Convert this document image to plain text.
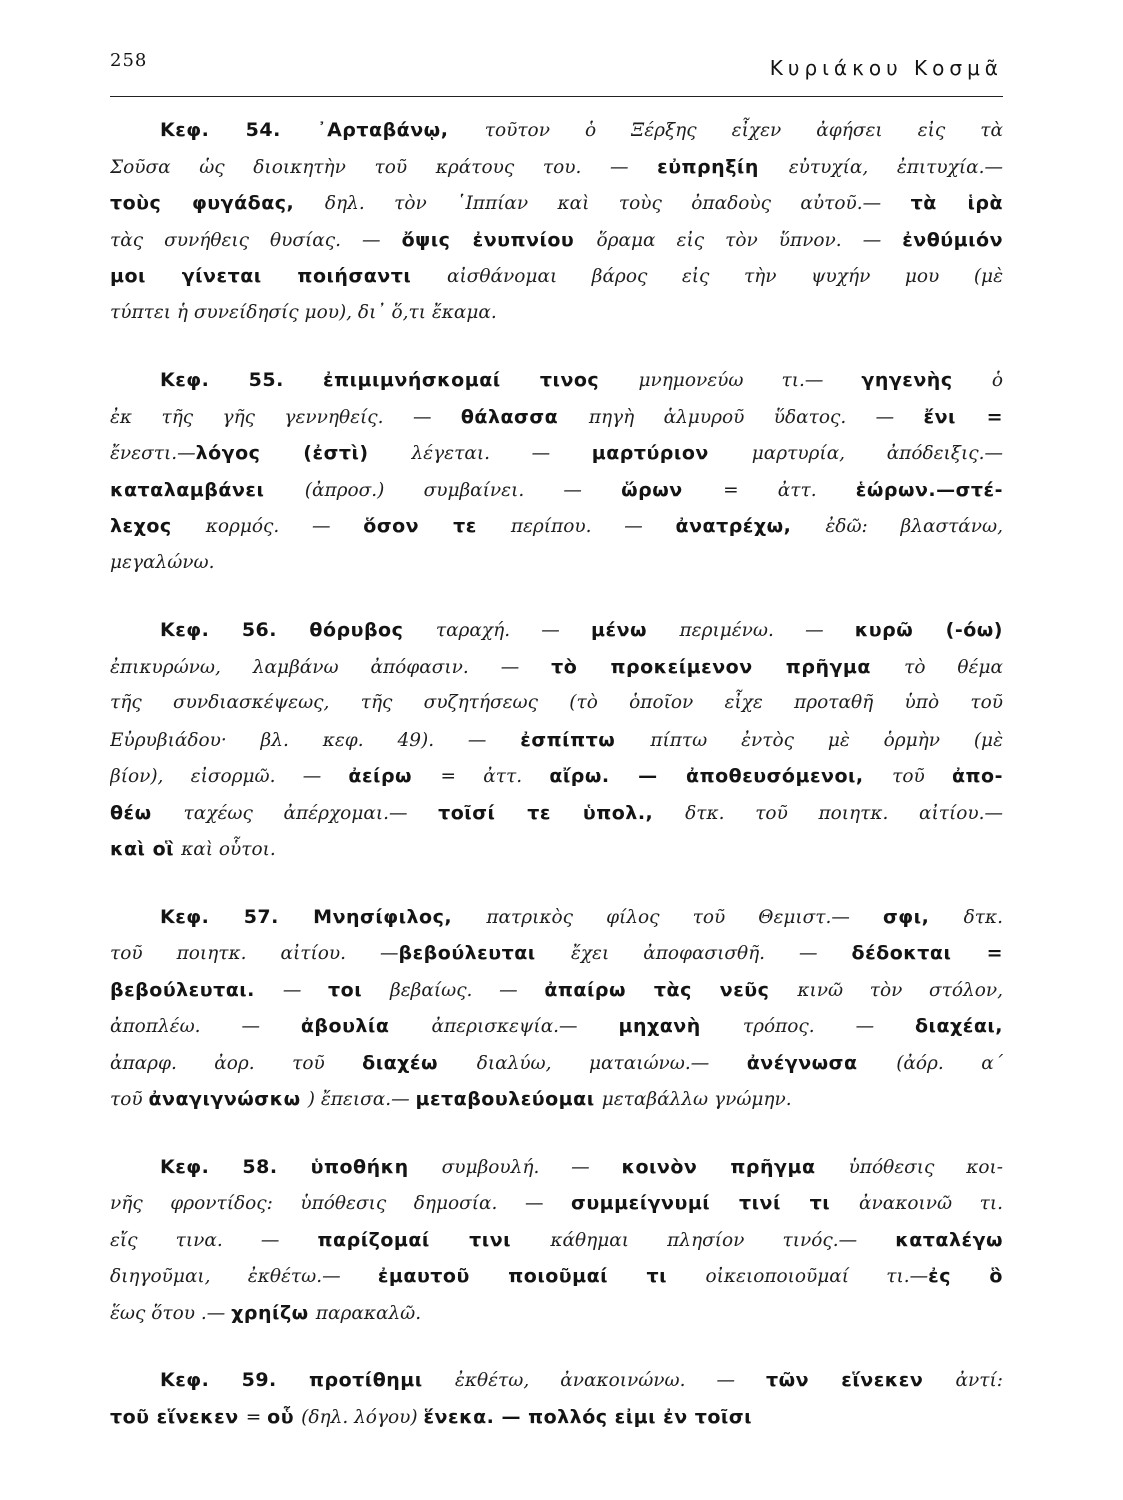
258	Κυριάκου Κοσμᾶ
Κεφ. 54. ᾿Αρταβάνῳ, τοῦτον ὁ Ξέρξης εἶχεν ἀφήσει εἰς τὰ
Σοῦσα ὡς διοικητὴν τοῦ κράτους του. — εὐπρηξίη εὐτυχία, ἐπιτυχία.—
τοὺς φυγάδας, δηλ. τὸν ῾Ιππίαν καὶ τοὺς ὀπαδοὺς αὐτοῦ.— τὰ ἱρὰ
τὰς συνήθεις θυσίας. — ὄψις ἐνυπνίου ὅραμα εἰς τὸν ὕπνον. — ἐνθύμιόν
μοι γίνεται ποιήσαντι αἰσθάνομαι βάρος εἰς τὴν ψυχήν μου (μὲ
τύπτει ἡ συνείδησίς μου), δι᾿ ὅ,τι ἔκαμα.
Κεφ. 55. ἐπιμιμνήσκομαί τινος μνημονεύω τι.— γηγενὴς ὁ
ἐκ τῆς γῆς γεννηθείς. — θάλασσα πηγὴ ἁλμυροῦ ὕδατος. — ἔνι =
ἔνεστι.—λόγος (ἐστὶ) λέγεται. — μαρτύριον μαρτυρία, ἀπόδειξις.—
καταλαμβάνει (ἀπροσ.) συμβαίνει. — ὥρων = ἀττ. ἑώρων.—στέ-
λεχος κορμός. — ὅσον τε περίπου. — ἀνατρέχω, ἐδῶ: βλαστάνω,
μεγαλώνω.
Κεφ. 56. θόρυβος ταραχή. — μένω περιμένω. — κυρῶ (-όω)
ἐπικυρώνω, λαμβάνω ἀπόφασιν. — τὸ προκείμενον πρῆγμα τὸ θέμα
τῆς συνδιασκέψεως, τῆς συζητήσεως (τὸ ὁποῖον εἶχε προταθῆ ὑπὸ τοῦ
Εὐρυβιάδου· βλ. κεφ. 49). — ἐσπίπτω πίπτω ἐντὸς μὲ ὁρμὴν (μὲ
βίον), εἰσορμῶ. — ἀείρω = ἀττ. αἴρω. — ἀποθευσόμενοι, τοῦ ἀπο-
θέω ταχέως ἀπέρχομαι.— τοῖσί τε ὑπολ., δτκ. τοῦ ποιητκ. αἰτίου.—
καὶ οἳ καὶ οὗτοι.
Κεφ. 57. Μνησίφιλος, πατρικὸς φίλος τοῦ Θεμιστ.— σφι, δτκ.
τοῦ ποιητκ. αἰτίου. —βεβούλευται ἔχει ἀποφασισθῆ. — δέδοκται =
βεβούλευται. — τοι βεβαίως. — ἀπαίρω τὰς νεῦς κινῶ τὸν στόλον,
ἀποπλέω. — ἀβουλία ἀπερισκεψία.— μηχανὴ τρόπος. — διαχέαι,
ἀπαρφ. ἀορ. τοῦ διαχέω διαλύω, ματαιώνω.— ἀνέγνωσα (ἀόρ. α΄
τοῦ ἀναγιγνώσκω ) ἔπεισα.— μεταβουλεύομαι μεταβάλλω γνώμην.
Κεφ. 58. ὑποθήκη συμβουλή. — κοινὸν πρῆγμα ὑπόθεσις κοι-
νῆς φροντίδος: ὑπόθεσις δημοσία. — συμμείγνυμί τινί τι ἀνακοινῶ τι.
εἴς τινα. — παρίζομαί τινι κάθημαι πλησίον τινός.— καταλέγω
διηγοῦμαι, ἐκθέτω.— ἐμαυτοῦ ποιοῦμαί τι οἰκειοποιοῦμαί τι.—ἐς ὃ
ἕως ὅτου .— χρηίζω παρακαλῶ.
Κεφ. 59. προτίθημι ἐκθέτω, ἀνακοινώνω. — τῶν εἵνεκεν ἀντί:
τοῦ εἵνεκεν = οὗ (δηλ. λόγου) ἕνεκα. — πολλός εἰμι ἐν τοῖσι
